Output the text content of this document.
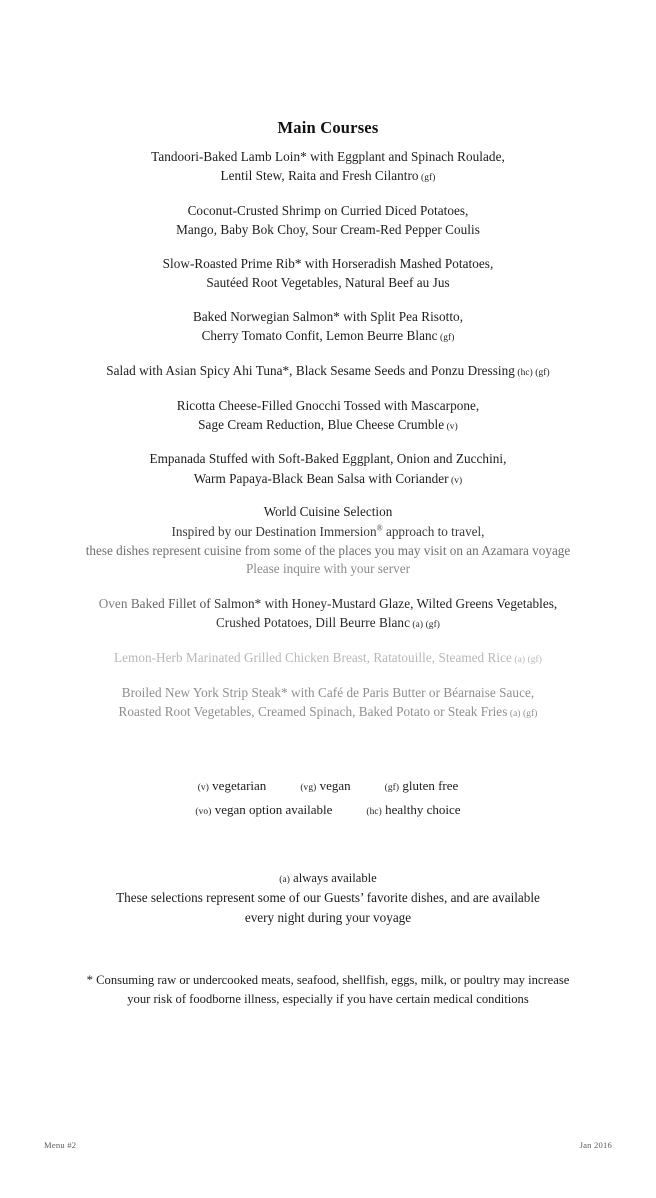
Main Courses
Tandoori-Baked Lamb Loin* with Eggplant and Spinach Roulade,
Lentil Stew, Raita and Fresh Cilantro (gf)
Coconut-Crusted Shrimp on Curried Diced Potatoes,
Mango, Baby Bok Choy, Sour Cream-Red Pepper Coulis
Slow-Roasted Prime Rib* with Horseradish Mashed Potatoes,
Sautéed Root Vegetables, Natural Beef au Jus
Baked Norwegian Salmon* with Split Pea Risotto,
Cherry Tomato Confit, Lemon Beurre Blanc (gf)
Salad with Asian Spicy Ahi Tuna*, Black Sesame Seeds and Ponzu Dressing (hc) (gf)
Ricotta Cheese-Filled Gnocchi Tossed with Mascarpone,
Sage Cream Reduction, Blue Cheese Crumble (v)
Empanada Stuffed with Soft-Baked Eggplant, Onion and Zucchini,
Warm Papaya-Black Bean Salsa with Coriander (v)
World Cuisine Selection
Inspired by our Destination Immersion® approach to travel,
these dishes represent cuisine from some of the places you may visit on an Azamara voyage
Please inquire with your server
Oven Baked Fillet of Salmon* with Honey-Mustard Glaze, Wilted Greens Vegetables,
Crushed Potatoes, Dill Beurre Blanc (a) (gf)
Lemon-Herb Marinated Grilled Chicken Breast, Ratatouille, Steamed Rice (a) (gf)
Broiled New York Strip Steak* with Café de Paris Butter or Béarnaise Sauce,
Roasted Root Vegetables, Creamed Spinach, Baked Potato or Steak Fries (a) (gf)
(v) vegetarian	(vg) vegan	(gf) gluten free
(vo) vegan option available	(hc) healthy choice
(a) always available
These selections represent some of our Guests’ favorite dishes, and are available
every night during your voyage
* Consuming raw or undercooked meats, seafood, shellfish, eggs, milk, or poultry may increase
your risk of foodborne illness, especially if you have certain medical conditions
Menu #2	Jan 2016
